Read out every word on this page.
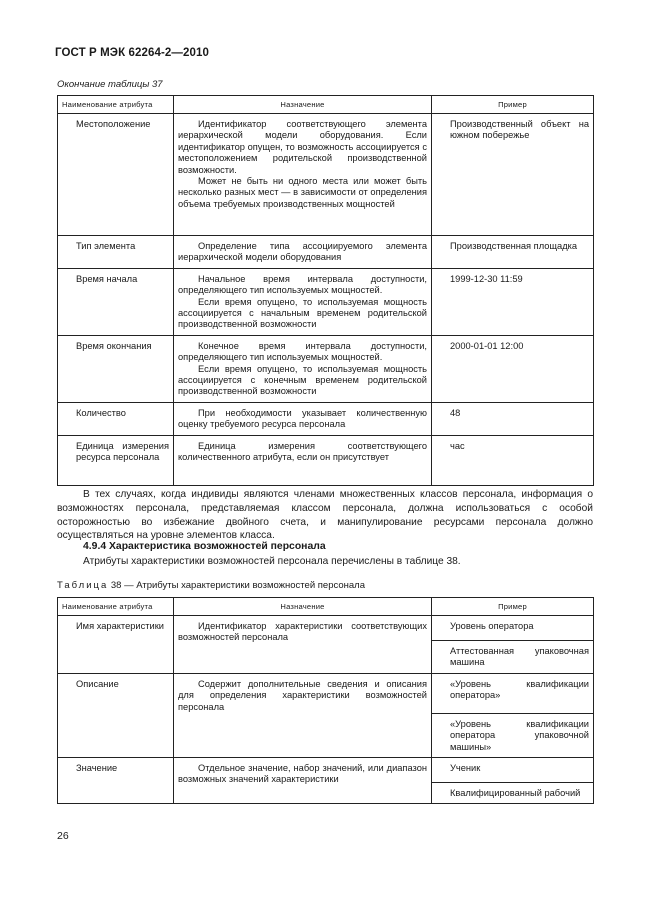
ГОСТ Р МЭК 62264-2—2010
Окончание таблицы 37
Наименование атрибута	Назначение	Пример

Местоположение	Идентификатор соответствующего элемента иерархической модели оборудования. Если идентификатор опущен, то возможность ассоциируется с местоположением родительской производственной возможности.

Может не быть ни одного места или может быть несколько разных мест — в зависимости от определения объема требуемых производственных мощностей	Производственный объект на южном побережье

Тип элемента	Определение типа ассоциируемого элемента иерархической модели оборудования	Производственная площадка

Время начала	Начальное время интервала доступности, определяющего тип используемых мощностей.

Если время опущено, то используемая мощность ассоциируется с начальным временем родительской производственной возможности	1999-12-30 11:59

Время окончания	Конечное время интервала доступности, определяющего тип используемых мощностей.

Если время опущено, то используемая мощность ассоциируется с конечным временем родительской производственной возможности	2000-01-01 12:00

Количество	При необходимости указывает количественную оценку требуемого ресурса персонала	48

Единица измерения ресурса персонала	Единица измерения соответствующего количественного атрибута, если он присутствует	час

В тех случаях, когда индивиды являются членами множественных классов персонала, информация о возможностях персонала, представляемая классом персонала, должна использоваться с особой осторожностью во избежание двойного счета, и манипулирование ресурсами персонала должно осуществляться на уровне элементов класса.

4.9.4 Характеристика возможностей персонала

Атрибуты характеристики возможностей персонала перечислены в таблице 38.

Таблица 38 — Атрибуты характеристики возможностей персонала
Наименование атрибута	Назначение	Пример

Имя характеристики	Идентификатор характеристики соответствующих возможностей персонала	Уровень оператора

Аттестованная упаковочная машина

Описание	Содержит дополнительные сведения и описания для определения характеристики возможностей персонала	«Уровень квалификации оператора»

«Уровень квалификации оператора упаковочной машины»

Значение	Отдельное значение, набор значений, или диапазон возможных значений характеристики	Ученик

Квалифицированный рабочий

26
